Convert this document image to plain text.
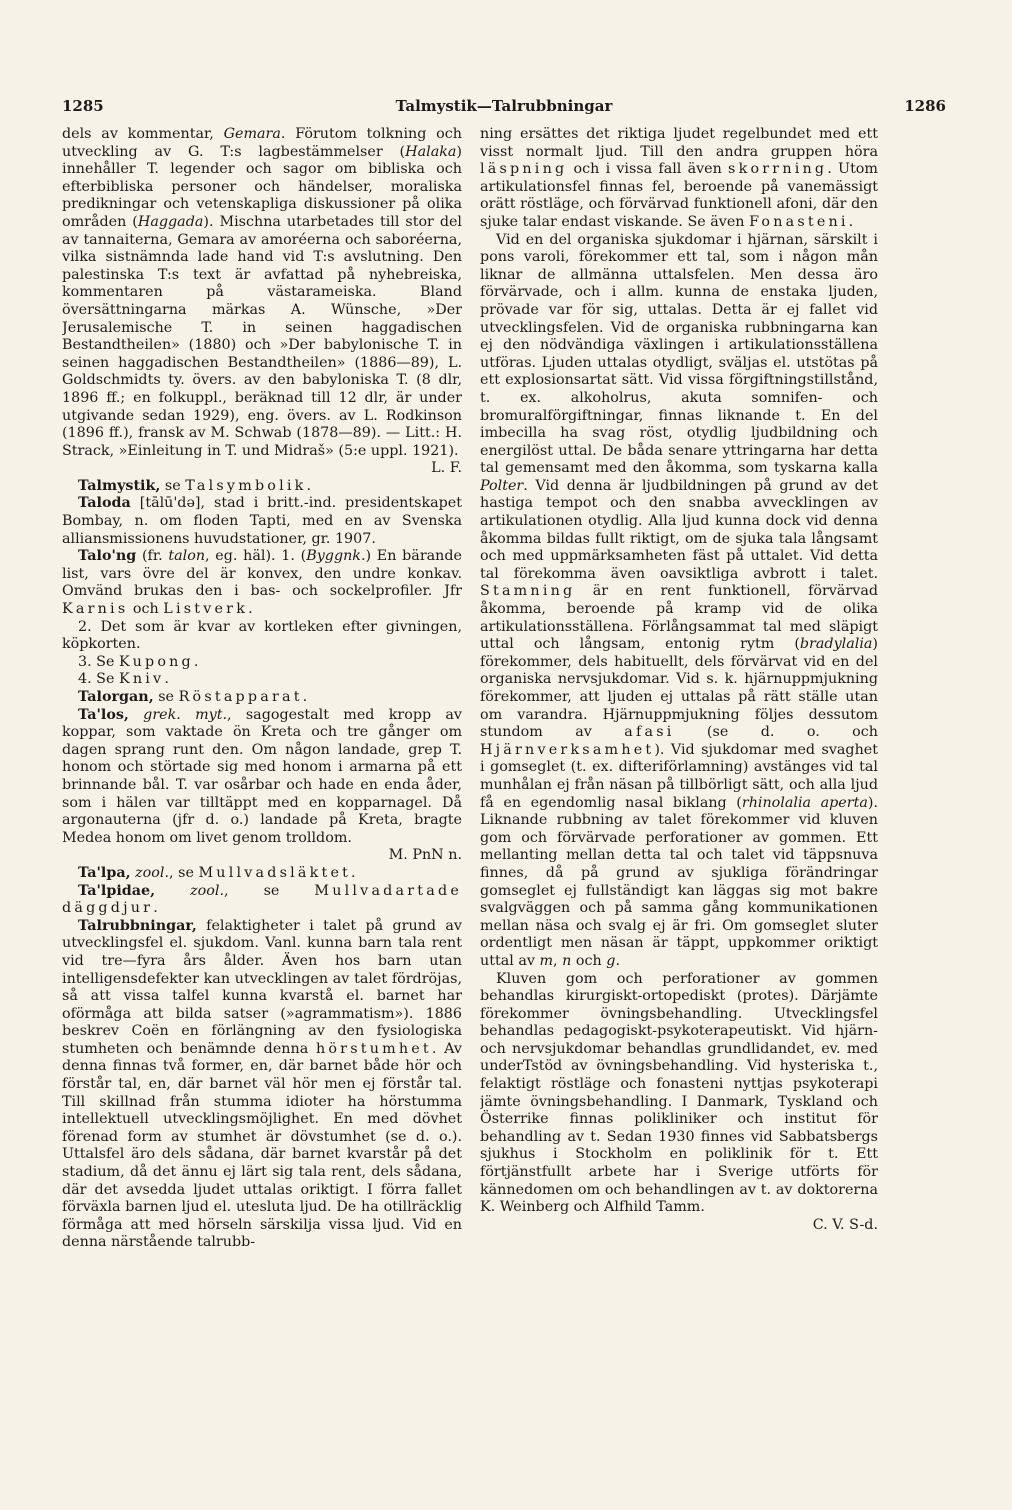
1285	Talmystik—Talrubbningar	1286

dels av kommentar, Gemara. Förutom tolkning och utveckling av G. T:s lagbestämmelser (Halaka) innehåller T. legender och sagor om bibliska och efterbibliska personer och händelser, moraliska predikningar och vetenskapliga diskussioner på olika områden (Haggada). Mischna utarbetades till stor del av tannaiterna, Gemara av amoréerna och saboréerna, vilka sistnämnda lade hand vid T:s avslutning. Den palestinska T:s text är avfattad på nyhebreiska, kommentaren på västarameiska. Bland översättningarna märkas A. Wünsche, »Der Jerusalemische T. in seinen haggadischen Bestandtheilen» (1880) och »Der babylonische T. in seinen haggadischen Bestandtheilen» (1886—89), L. Goldschmidts ty. övers. av den babyloniska T. (8 dlr, 1896 ff.; en folkuppl., beräknad till 12 dlr, är under utgivande sedan 1929), eng. övers. av L. Rodkinson (1896 ff.), fransk av M. Schwab (1878—89). — Litt.: H. Strack, »Einleitung in T. und Midraš» (5:e uppl. 1921).
L. F.

Talmystik, se Talsymbolik.

Taloda [tālū'də], stad i britt.-ind. presidentskapet Bombay, n. om floden Tapti, med en av Svenska alliansmissionens huvudstationer, gr. 1907.

Talo'ng (fr. talon, eg. häl). 1. (Byggnk.) En bärande list, vars övre del är konvex, den undre konkav. Omvänd brukas den i bas- och sockelprofiler. Jfr Karnis och Listverk.

2. Det som är kvar av kortleken efter givningen, köpkorten.

3. Se Kupong.

4. Se Kniv.

Talorgan, se Röstapparat.

Ta'los, grek. myt., sagogestalt med kropp av koppar, som vaktade ön Kreta och tre gånger om dagen sprang runt den. Om någon landade, grep T. honom och störtade sig med honom i armarna på ett brinnande bål. T. var osårbar och hade en enda åder, som i hälen var tilltäppt med en kopparnagel. Då argonauterna (jfr d. o.) landade på Kreta, bragte Medea honom om livet genom trolldom.
M. PnN n.

Ta'lpa, zool., se Mullvadsläktet.

Ta'lpidae, zool., se Mullvadartade däggdjur.

Talrubbningar, felaktigheter i talet på grund av utvecklingsfel el. sjukdom. Vanl. kunna barn tala rent vid tre—fyra års ålder. Även hos barn utan intelligensdefekter kan utvecklingen av talet fördröjas, så att vissa talfel kunna kvarstå el. barnet har oförmåga att bilda satser (»agrammatism»). 1886 beskrev Coën en förlängning av den fysiologiska stumheten och benämnde denna hörstumhet. Av denna finnas två former, en, där barnet både hör och förstår tal, en, där barnet väl hör men ej förstår tal. Till skillnad från stumma idioter ha hörstumma intellektuell utvecklingsmöjlighet. En med dövhet förenad form av stumhet är dövstumhet (se d. o.). Uttalsfel äro dels sådana, där barnet kvarstår på det stadium, då det ännu ej lärt sig tala rent, dels sådana, där det avsedda ljudet uttalas oriktigt. I förra fallet förväxla barnen ljud el. utesluta ljud. De ha otillräcklig förmåga att med hörseln särskilja vissa ljud. Vid en denna närstående talrubb-

ning ersättes det riktiga ljudet regelbundet med ett visst normalt ljud. Till den andra gruppen höra läspning och i vissa fall även skorrning. Utom artikulationsfel finnas fel, beroende på vanemässigt orätt röstläge, och förvärvad funktionell afoni, där den sjuke talar endast viskande. Se även Fonasteni.

Vid en del organiska sjukdomar i hjärnan, särskilt i pons varoli, förekommer ett tal, som i någon mån liknar de allmänna uttalsfelen. Men dessa äro förvärvade, och i allm. kunna de enstaka ljuden, prövade var för sig, uttalas. Detta är ej fallet vid utvecklingsfelen. Vid de organiska rubbningarna kan ej den nödvändiga växlingen i artikulationsställena utföras. Ljuden uttalas otydligt, sväljas el. utstötas på ett explosionsartat sätt. Vid vissa förgiftningstillstånd, t. ex. alkoholrus, akuta somnifen- och bromuralförgiftningar, finnas liknande t. En del imbecilla ha svag röst, otydlig ljudbildning och energilöst uttal. De båda senare yttringarna har detta tal gemensamt med den åkomma, som tyskarna kalla Polter. Vid denna är ljudbildningen på grund av det hastiga tempot och den snabba avvecklingen av artikulationen otydlig. Alla ljud kunna dock vid denna åkomma bildas fullt riktigt, om de sjuka tala långsamt och med uppmärksamheten fäst på uttalet. Vid detta tal förekomma även oavsiktliga avbrott i talet. Stamning är en rent funktionell, förvärvad åkomma, beroende på kramp vid de olika artikulationsställena. Förlångsammat tal med släpigt uttal och långsam, entonig rytm (bradylalia) förekommer, dels habituellt, dels förvärvat vid en del organiska nervsjukdomar. Vid s. k. hjärnuppmjukning förekommer, att ljuden ej uttalas på rätt ställe utan om varandra. Hjärnuppmjukning följes dessutom stundom av afasi (se d. o. och Hjärnverksamhet). Vid sjukdomar med svaghet i gomseglet (t. ex. difteriförlamning) avstänges vid tal munhålan ej från näsan på tillbörligt sätt, och alla ljud få en egendomlig nasal biklang (rhinolalia aperta). Liknande rubbning av talet förekommer vid kluven gom och förvärvade perforationer av gommen. Ett mellanting mellan detta tal och talet vid täppsnuva finnes, då på grund av sjukliga förändringar gomseglet ej fullständigt kan läggas sig mot bakre svalgväggen och på samma gång kommunikationen mellan näsa och svalg ej är fri. Om gomseglet sluter ordentligt men näsan är täppt, uppkommer oriktigt uttal av m, n och g.

Kluven gom och perforationer av gommen behandlas kirurgiskt-ortopediskt (protes). Därjämte förekommer övningsbehandling. Utvecklingsfel behandlas pedagogiskt-psykoterapeutiskt. Vid hjärn- och nervsjukdomar behandlas grundlidandet, ev. med underTstöd av övningsbehandling. Vid hysteriska t., felaktigt röstläge och fonasteni nyttjas psykoterapi jämte övningsbehandling. I Danmark, Tyskland och Österrike finnas polikliniker och institut för behandling av t. Sedan 1930 finnes vid Sabbatsbergs sjukhus i Stockholm en poliklinik för t. Ett förtjänstfullt arbete har i Sverige utförts för kännedomen om och behandlingen av t. av doktorerna K. Weinberg och Alfhild Tamm.
C. V. S-d.
